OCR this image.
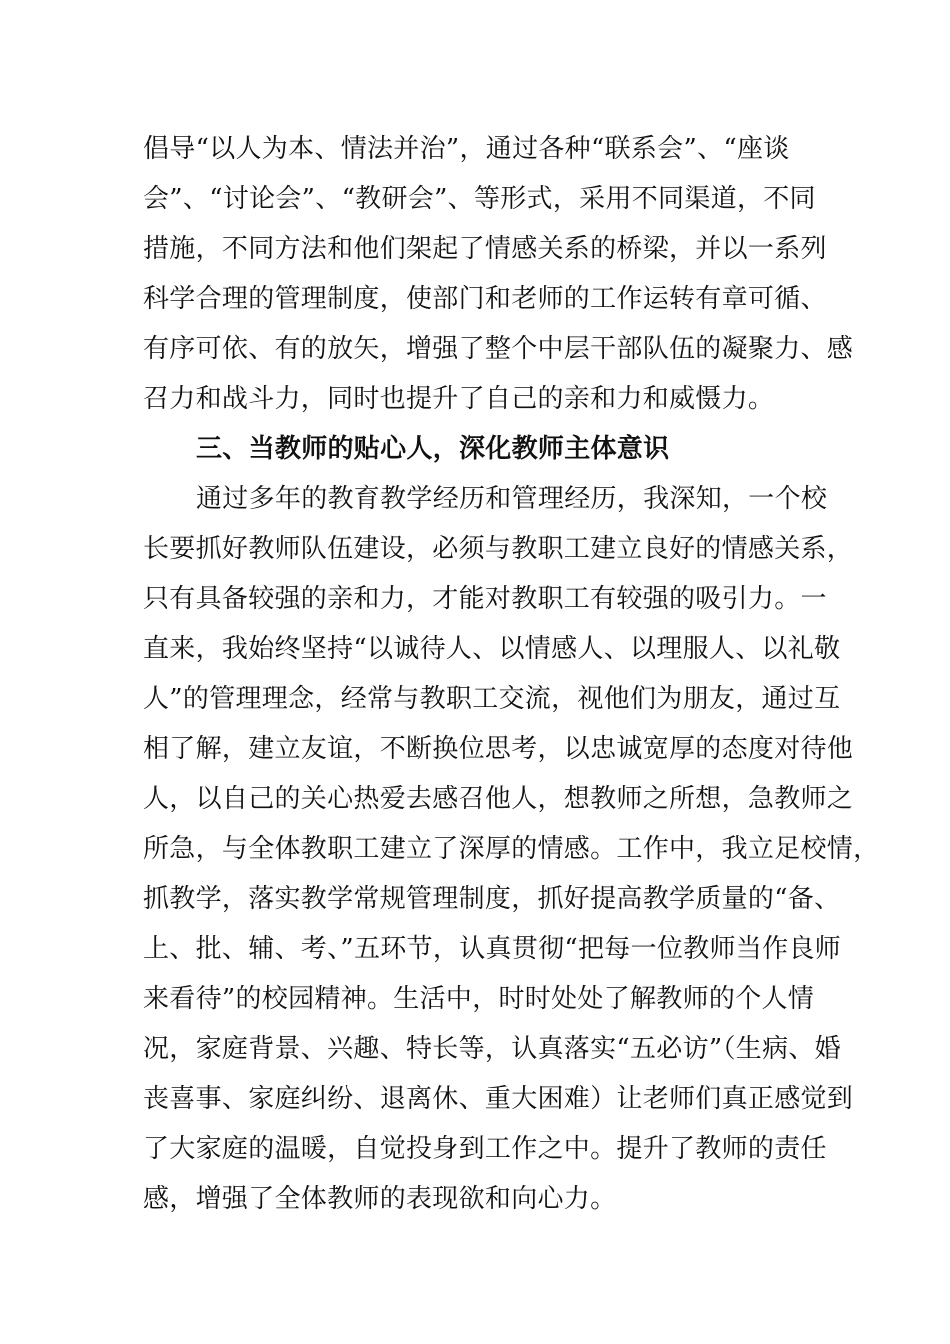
倡导“以人为本、情法并治”，通过各种“联系会”、“座谈
会”、“讨论会”、“教研会”、等形式，采用不同渠道，不同
措施，不同方法和他们架起了情感关系的桥梁，并以一系列
科学合理的管理制度，使部门和老师的工作运转有章可循、
有序可依、有的放矢，增强了整个中层干部队伍的凝聚力、感
召力和战斗力，同时也提升了自己的亲和力和威慑力。
三、当教师的贴心人，深化教师主体意识
通过多年的教育教学经历和管理经历，我深知，一个校
长要抓好教师队伍建设，必须与教职工建立良好的情感关系，
只有具备较强的亲和力，才能对教职工有较强的吸引力。一
直来，我始终坚持“以诚待人、以情感人、以理服人、以礼敬
人”的管理理念，经常与教职工交流，视他们为朋友，通过互
相了解，建立友谊，不断换位思考，以忠诚宽厚的态度对待他
人，以自己的关心热爱去感召他人，想教师之所想，急教师之
所急，与全体教职工建立了深厚的情感。工作中，我立足校情，
抓教学，落实教学常规管理制度，抓好提高教学质量的“备、
上、批、辅、考、”五环节，认真贯彻“把每一位教师当作良师
来看待”的校园精神。生活中，时时处处了解教师的个人情
况，家庭背景、兴趣、特长等，认真落实“五必访”（生病、婚
丧喜事、家庭纠纷、退离休、重大困难）让老师们真正感觉到
了大家庭的温暖，自觉投身到工作之中。提升了教师的责任
感，增强了全体教师的表现欲和向心力。
